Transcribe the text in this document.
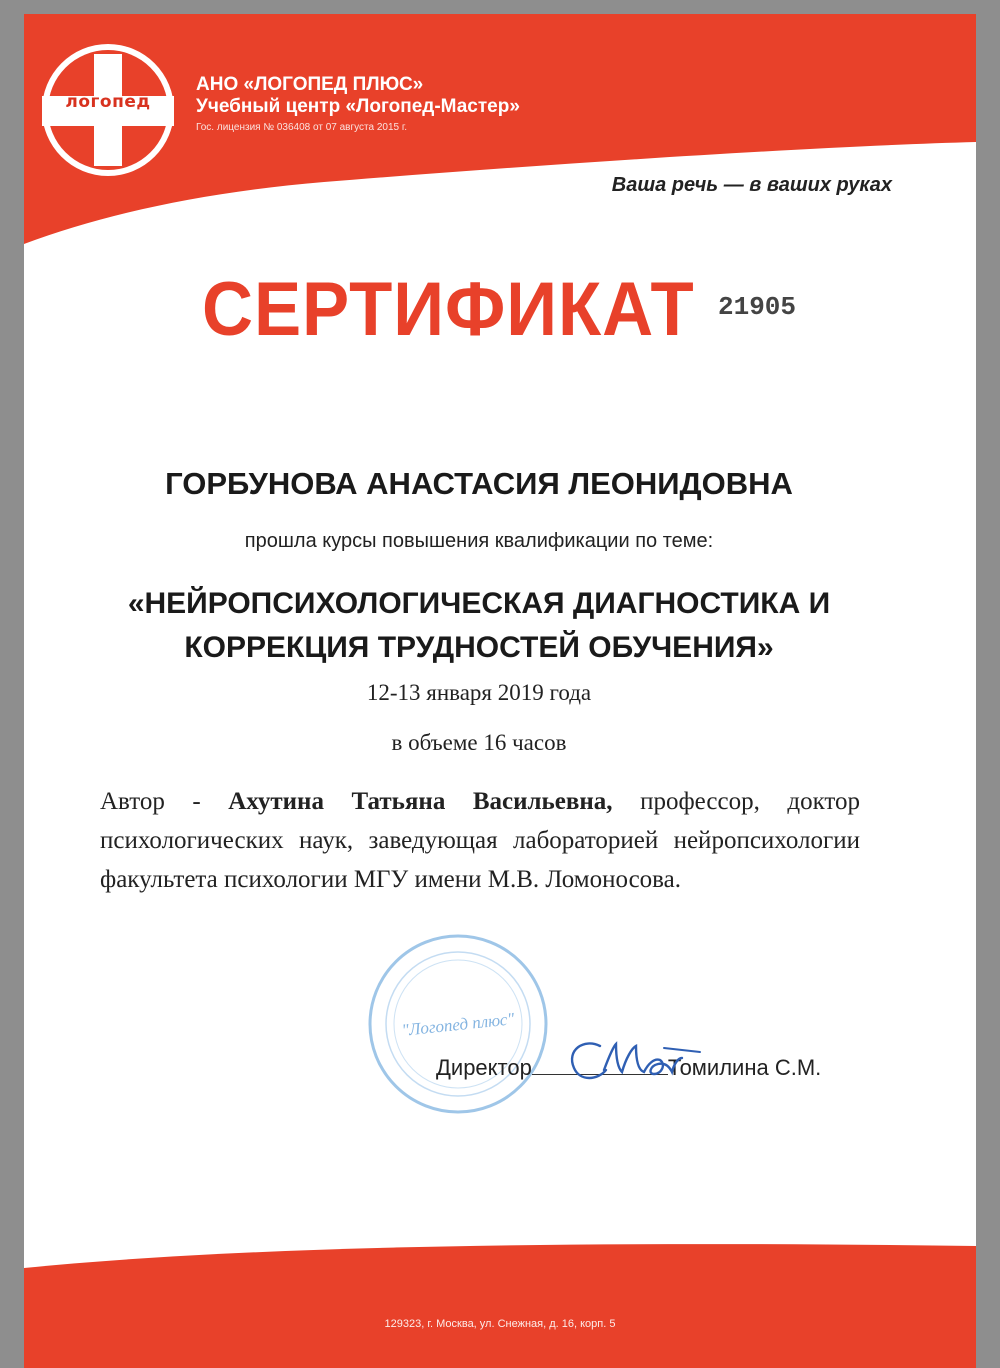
логопед
АНО «ЛОГОПЕД ПЛЮС»
Учебный центр «Логопед-Мастер»
Гос. лицензия № 036408 от 07 августа 2015 г.
Ваша речь — в ваших руках
СЕРТИФИКАТ 21905
ГОРБУНОВА АНАСТАСИЯ ЛЕОНИДОВНА
прошла курсы повышения квалификации по теме:
«НЕЙРОПСИХОЛОГИЧЕСКАЯ ДИАГНОСТИКА И
КОРРЕКЦИЯ ТРУДНОСТЕЙ ОБУЧЕНИЯ»
12-13 января 2019 года
в объеме 16 часов
Автор - Ахутина Татьяна Васильевна, профессор, доктор психологических наук, заведующая лабораторией нейропсихологии факультета психологии МГУ имени М.В. Ломоносова.
"Логопед плюс"
Директор	Томилина С.М.
129323, г. Москва, ул. Снежная, д. 16, корп. 5
